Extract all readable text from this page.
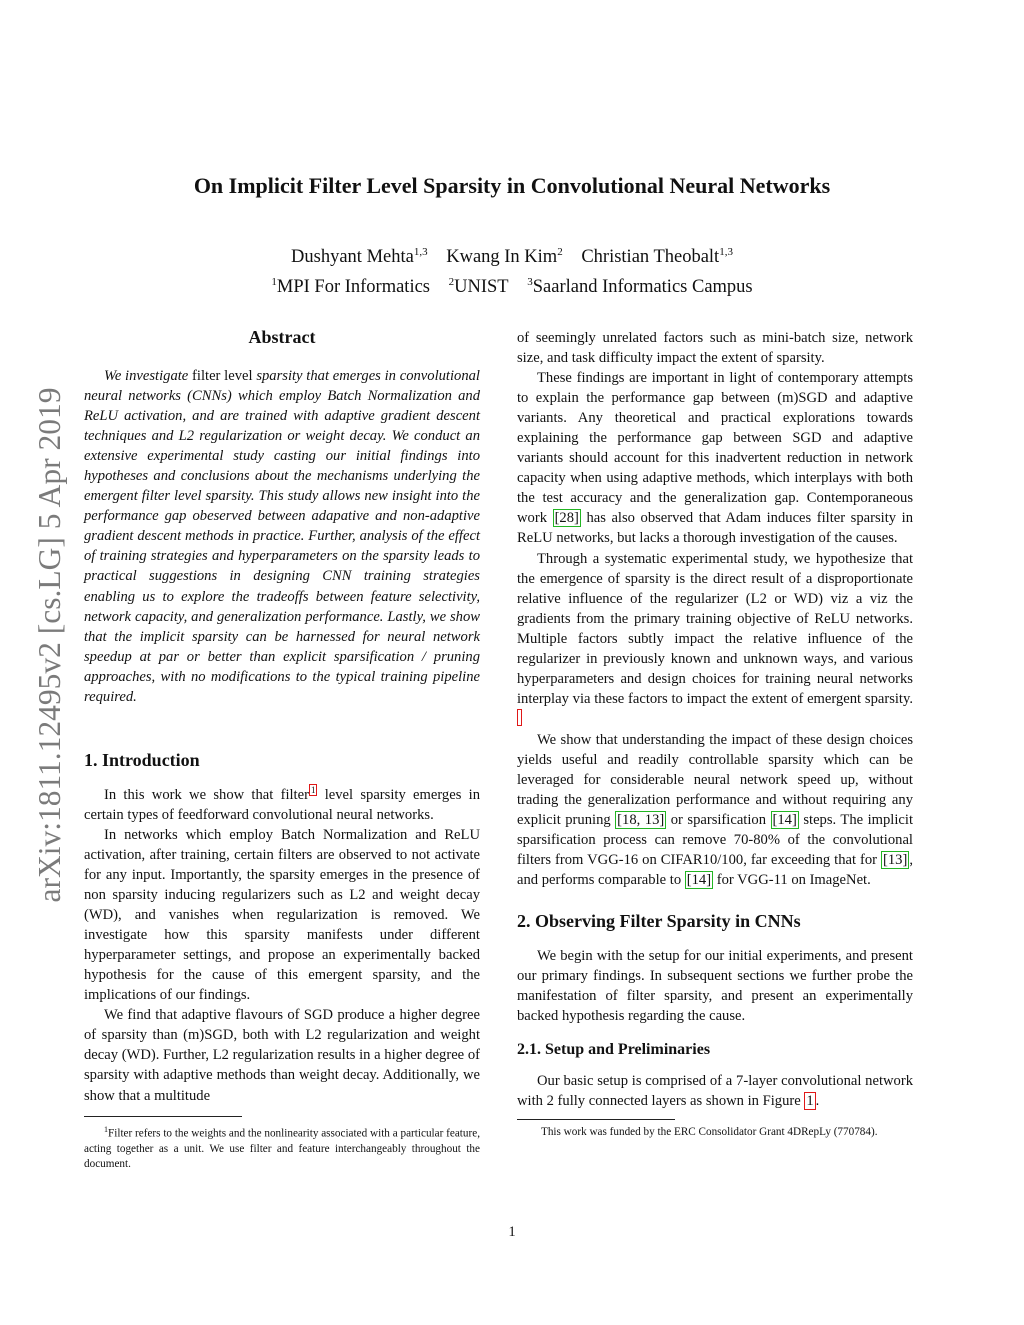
arXiv:1811.12495v2 [cs.LG] 5 Apr 2019
On Implicit Filter Level Sparsity in Convolutional Neural Networks
Dushyant Mehta$^{1,3}$ Kwang In Kim$^2$ Christian Theobalt$^{1,3}$
$^1$MPI For Informatics $^2$UNIST $^3$Saarland Informatics Campus
Abstract

We investigate filter level sparsity that emerges in convolutional neural networks (CNNs) which employ Batch Normalization and ReLU activation, and are trained with adaptive gradient descent techniques and L2 regularization or weight decay. We conduct an extensive experimental study casting our initial findings into hypotheses and conclusions about the mechanisms underlying the emergent filter level sparsity. This study allows new insight into the performance gap obeserved between adapative and non-adaptive gradient descent methods in practice. Further, analysis of the effect of training strategies and hyperparameters on the sparsity leads to practical suggestions in designing CNN training strategies enabling us to explore the tradeoffs between feature selectivity, network capacity, and generalization performance. Lastly, we show that the implicit sparsity can be harnessed for neural network speedup at par or better than explicit sparsification / pruning approaches, with no modifications to the typical training pipeline required.

1. Introduction

In this work we show that filter $^1$ level sparsity emerges in certain types of feedforward convolutional neural networks.

In networks which employ Batch Normalization and ReLU activation, after training, certain filters are observed to not activate for any input. Importantly, the sparsity emerges in the presence of non sparsity inducing regularizers such as L2 and weight decay (WD), and vanishes when regularization is removed. We investigate how this sparsity manifests under different hyperparameter settings, and propose an experimentally backed hypothesis for the cause of this emergent sparsity, and the implications of our findings.

We find that adaptive flavours of SGD produce a higher degree of sparsity than (m)SGD, both with L2 regularization and weight decay (WD). Further, L2 regularization results in a higher degree of sparsity with adaptive methods than weight decay. Additionally, we show that a multitude

$^1$Filter refers to the weights and the nonlinearity associated with a particular feature, acting together as a unit. We use filter and feature interchangeably throughout the document.

of seemingly unrelated factors such as mini-batch size, network size, and task difficulty impact the extent of sparsity.

These findings are important in light of contemporary attempts to explain the performance gap between (m)SGD and adaptive variants. Any theoretical and practical explorations towards explaining the performance gap between SGD and adaptive variants should account for this inadvertent reduction in network capacity when using adaptive methods, which interplays with both the test accuracy and the generalization gap. Contemporaneous work [28] has also observed that Adam induces filter sparsity in ReLU networks, but lacks a thorough investigation of the causes.

Through a systematic experimental study, we hypothesize that the emergence of sparsity is the direct result of a disproportionate relative influence of the regularizer (L2 or WD) viz a viz the gradients from the primary training objective of ReLU networks. Multiple factors subtly impact the relative influence of the regularizer in previously known and unknown ways, and various hyperparameters and design choices for training neural networks interplay via these factors to impact the extent of emergent sparsity.

We show that understanding the impact of these design choices yields useful and readily controllable sparsity which can be leveraged for considerable neural network speed up, without trading the generalization performance and without requiring any explicit pruning [18, 13] or sparsification [14] steps. The implicit sparsification process can remove 70-80% of the convolutional filters from VGG-16 on CIFAR10/100, far exceeding that for [13] , and performs comparable to [14] for VGG-11 on ImageNet.

2. Observing Filter Sparsity in CNNs

We begin with the setup for our initial experiments, and present our primary findings. In subsequent sections we further probe the manifestation of filter sparsity, and present an experimentally backed hypothesis regarding the cause.

2.1. Setup and Preliminaries

Our basic setup is comprised of a 7-layer convolutional network with 2 fully connected layers as shown in Figure 1 .

This work was funded by the ERC Consolidator Grant 4DRepLy (770784).
1
